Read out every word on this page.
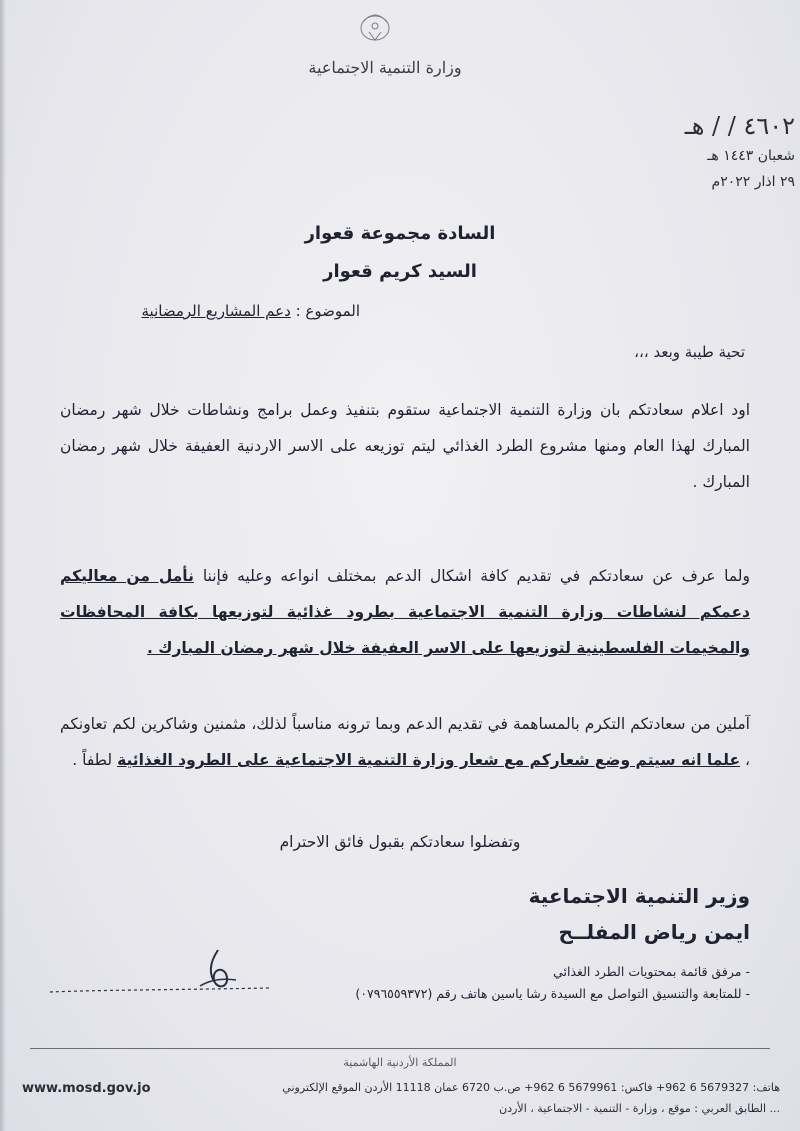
وزارة التنمية الاجتماعية
٤٦٠٢ / / هـ
شعبان ١٤٤٣ هـ
٢٩ اذار ٢٠٢٢م
السادة مجموعة قعوار
السيد كريم قعوار
الموضوع : دعم المشاريع الرمضانية
تحية طيبة وبعد ،،،
اود اعلام سعادتكم بان وزارة التنمية الاجتماعية ستقوم بتنفيذ وعمل برامج ونشاطات خلال شهر رمضان المبارك لهذا العام ومنها مشروع الطرد الغذائي ليتم توزيعه على الاسر الاردنية العفيفة خلال شهر رمضان المبارك .
ولما عرف عن سعادتكم في تقديم كافة اشكال الدعم بمختلف انواعه وعليه فإننا نأمل من معاليكم دعمكم لنشاطات وزارة التنمية الاجتماعية بطرود غذائية لتوزيعها بكافة المحافظات والمخيمات الفلسطينية لتوزيعها على الاسر العفيفة خلال شهر رمضان المبارك .
آملين من سعادتكم التكرم بالمساهمة في تقديم الدعم وبما ترونه مناسباً لذلك، مثمنين وشاكرين لكم تعاونكم ، علما انه سيتم وضع شعاركم مع شعار وزارة التنمية الاجتماعية على الطرود الغذائية لطفاً .
وتفضلوا سعادتكم بقبول فائق الاحترام
وزير التنمية الاجتماعية
ايمن رياض المفلــح
- مرفق قائمة بمحتويات الطرد الغذائي
- للمتابعة والتنسيق التواصل مع السيدة رشا ياسين هاتف رقم (٠٧٩٦٥٥٩٣٧٢)
المملكة الأردنية الهاشمية
www.mosd.gov.jo	هاتف: 5679327 6 962+ فاكس: 5679961 6 962+ ص.ب 6720 عمان 11118 الأردن الموقع الإلكتروني
... الطابق العربي : موقع ، وزارة - التنمية - الاجتماعية ، الأردن
